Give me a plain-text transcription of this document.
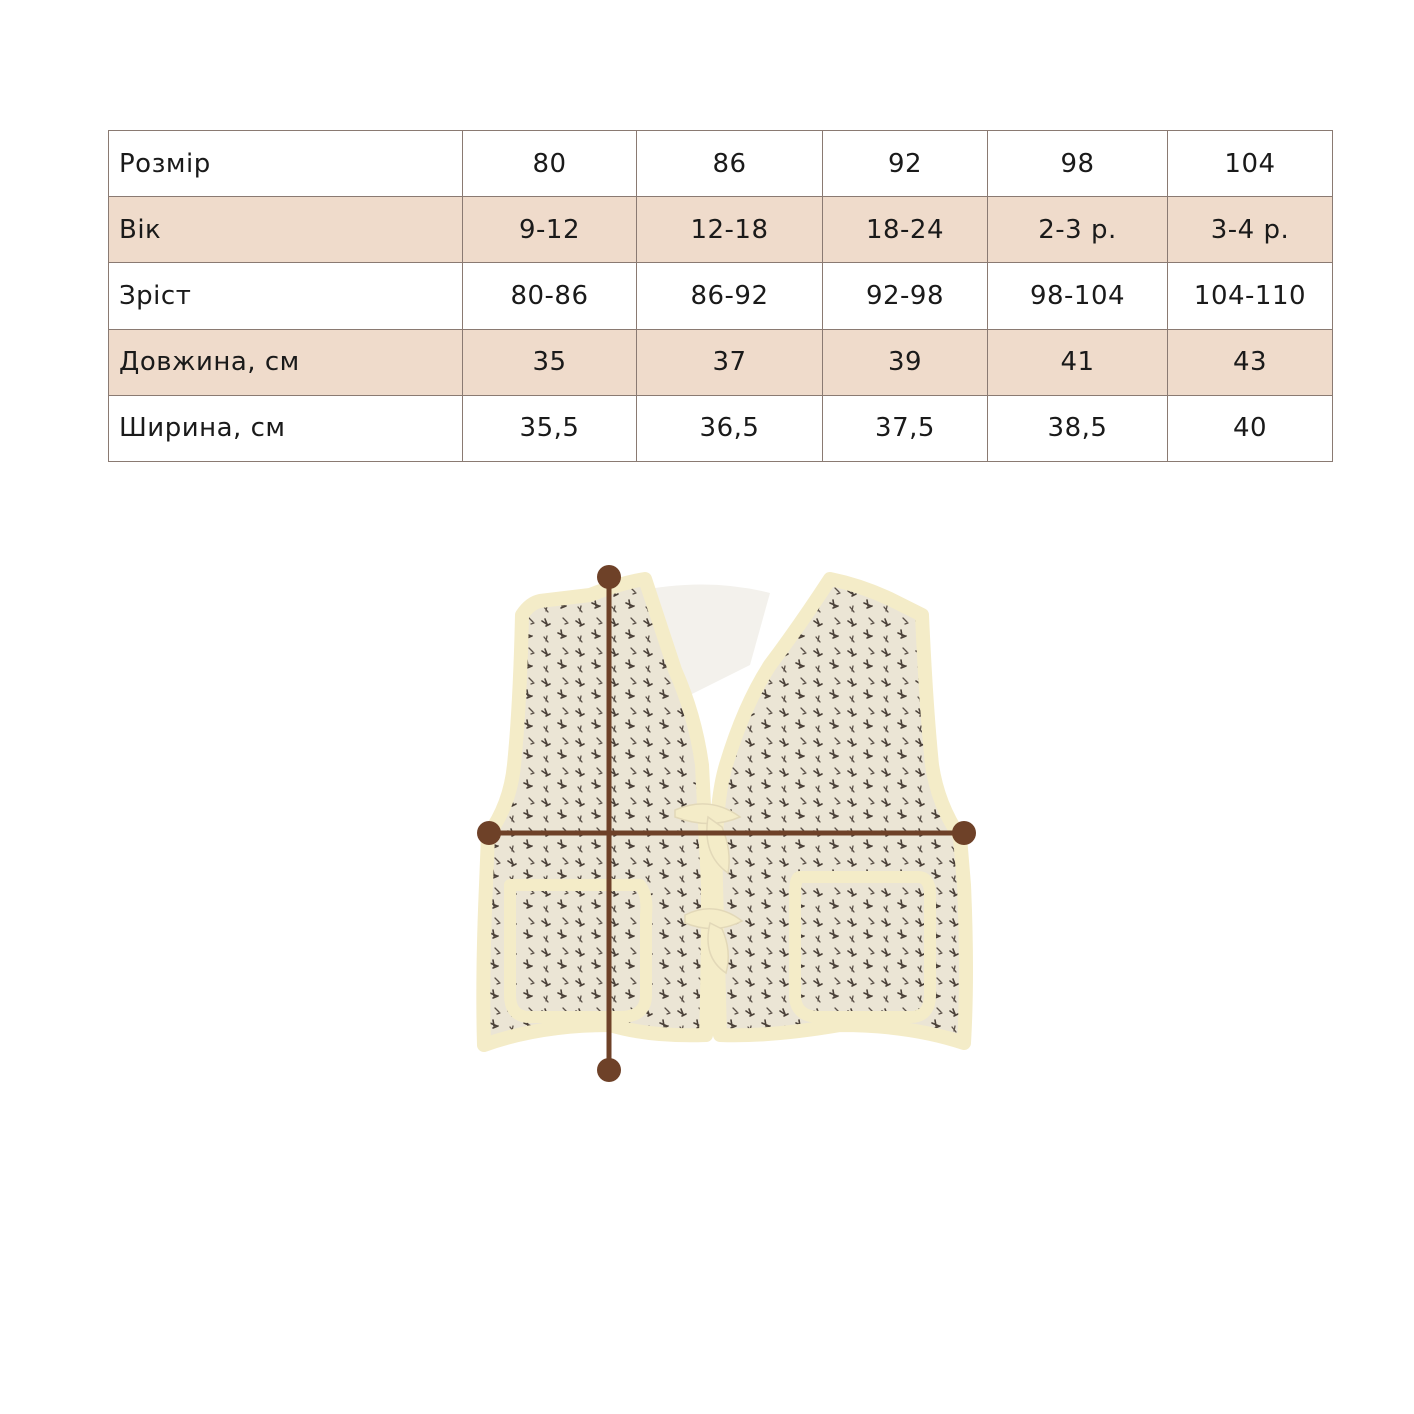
Розмір	80	86	92	98	104
Вік	9-12	12-18	18-24	2-3 р.	3-4 р.
Зріст	80-86	86-92	92-98	98-104	104-110
Довжина, см	35	37	39	41	43
Ширина, см	35,5	36,5	37,5	38,5	40
